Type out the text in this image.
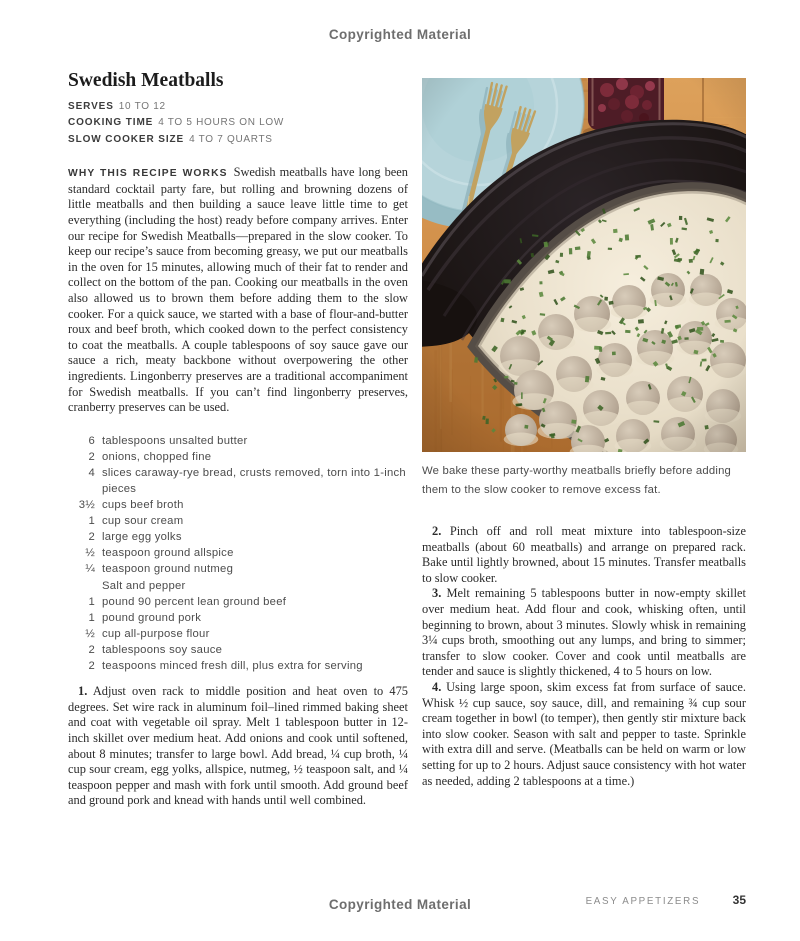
Copyrighted Material
Swedish Meatballs
SERVES 10 TO 12
COOKING TIME 4 TO 5 HOURS ON LOW
SLOW COOKER SIZE 4 TO 7 QUARTS

WHY THIS RECIPE WORKS Swedish meatballs have long been standard cocktail party fare, but rolling and browning dozens of little meatballs and then building a sauce leave little time to get everything (including the host) ready before company arrives. Enter our recipe for Swedish Meatballs—prepared in the slow cooker. To keep our recipe’s sauce from becoming greasy, we put our meatballs in the oven for 15 minutes, allowing much of their fat to render and collect on the bottom of the pan. Cooking our meatballs in the oven also allowed us to brown them before adding them to the slow cooker. For a quick sauce, we started with a base of flour-and-butter roux and beef broth, which cooked down to the perfect consistency to coat the meatballs. A couple tablespoons of soy sauce gave our sauce a rich, meaty backbone without overpowering the other ingredients. Lingonberry preserves are a traditional accompaniment for Swedish meatballs. If you can’t find lingonberry preserves, cranberry preserves can be used.

6 tablespoons unsalted butter
2 onions, chopped fine
4 slices caraway-rye bread, crusts removed, torn into 1-inch pieces
3½ cups beef broth
1 cup sour cream
2 large egg yolks
½ teaspoon ground allspice
¼ teaspoon ground nutmeg
Salt and pepper
1 pound 90 percent lean ground beef
1 pound ground pork
½ cup all-purpose flour
2 tablespoons soy sauce
2 teaspoons minced fresh dill, plus extra for serving

1. Adjust oven rack to middle position and heat oven to 475 degrees. Set wire rack in aluminum foil–lined rimmed baking sheet and coat with vegetable oil spray. Melt 1 tablespoon butter in 12-inch skillet over medium heat. Add onions and cook until softened, about 8 minutes; transfer to large bowl. Add bread, ¼ cup broth, ¼ cup sour cream, egg yolks, allspice, nutmeg, ½ teaspoon salt, and ¼ teaspoon pepper and mash with fork until smooth. Add ground beef and ground pork and knead with hands until well combined.

We bake these party-worthy meatballs briefly before adding them to the slow cooker to remove excess fat.

2. Pinch off and roll meat mixture into tablespoon-size meatballs (about 60 meatballs) and arrange on prepared rack. Bake until lightly browned, about 15 minutes. Transfer meatballs to slow cooker.

3. Melt remaining 5 tablespoons butter in now-empty skillet over medium heat. Add flour and cook, whisking often, until beginning to brown, about 3 minutes. Slowly whisk in remaining 3¼ cups broth, smoothing out any lumps, and bring to simmer; transfer to slow cooker. Cover and cook until meatballs are tender and sauce is slightly thickened, 4 to 5 hours on low.

4. Using large spoon, skim excess fat from surface of sauce. Whisk ½ cup sauce, soy sauce, dill, and remaining ¾ cup sour cream together in bowl (to temper), then gently stir mixture back into slow cooker. Season with salt and pepper to taste. Sprinkle with extra dill and serve. (Meatballs can be held on warm or low setting for up to 2 hours. Adjust sauce consistency with hot water as needed, adding 2 tablespoons at a time.)

EASY APPETIZERS	35
Copyrighted Material
